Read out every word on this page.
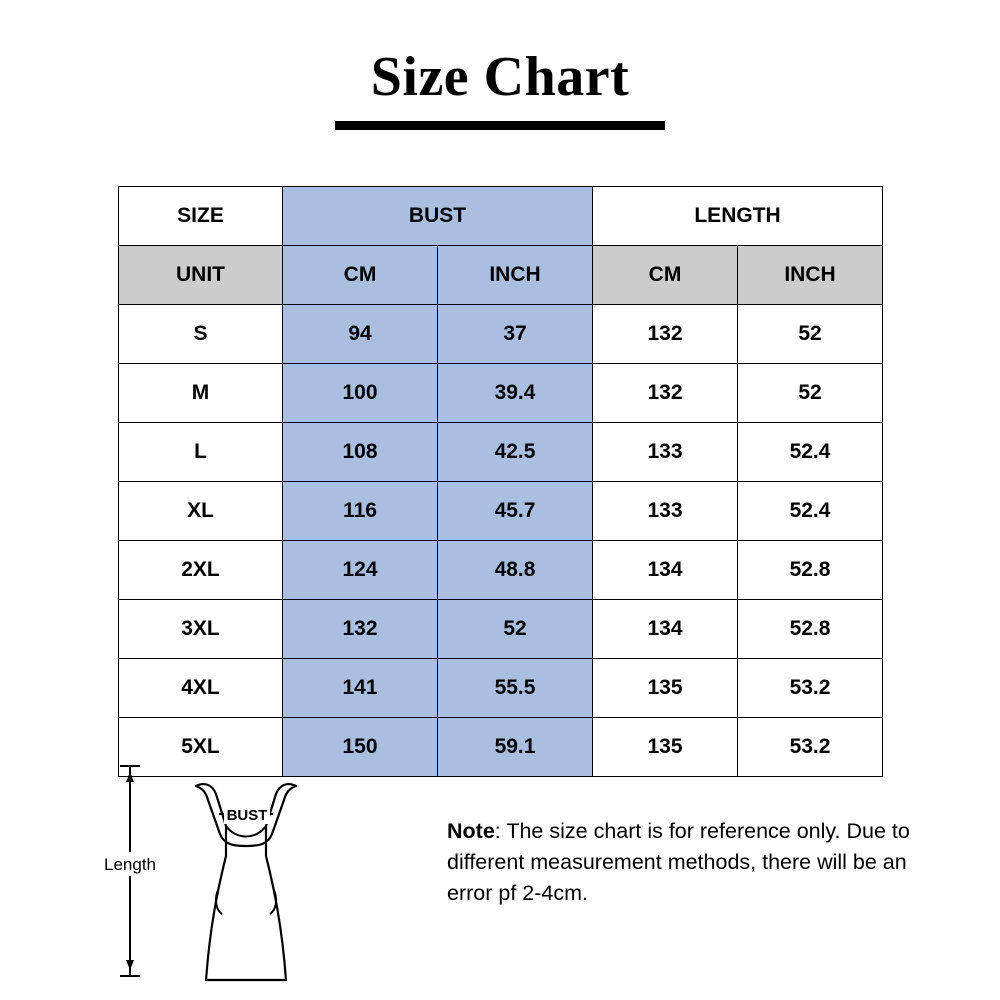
Size Chart
SIZE	BUST		LENGTH	
UNIT	CM	INCH	CM	INCH
S	94	37	132	52
M	100	39.4	132	52
L	108	42.5	133	52.4
XL	116	45.7	133	52.4
2XL	124	48.8	134	52.8
3XL	132	52	134	52.8
4XL	141	55.5	135	53.2
5XL	150	59.1	135	53.2
Length
BUST
Note: The size chart is for reference only. Due to different measurement methods, there will be an error pf 2-4cm.
